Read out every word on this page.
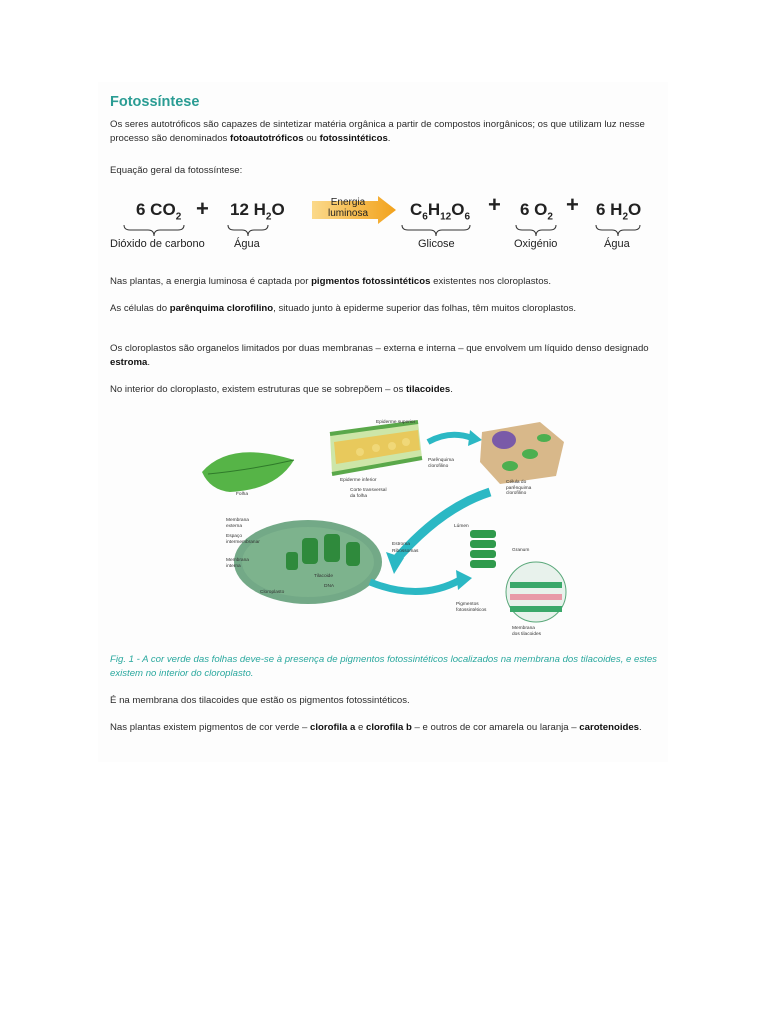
Fotossíntese

Os seres autotróficos são capazes de sintetizar matéria orgânica a partir de compostos inorgânicos; os que utilizam luz nesse processo são denominados fotoautotróficos ou fotossintéticos.

Equação geral da fotossíntese:

6 $CO_2 + 12$ $H_2O$	Energia
luminosa	$C_6H_{12}O_6 + 6$ $O_2 + 6$ $H_2O$
Dióxido de carbono	Água	Glicose	Oxigénio	Água

Nas plantas, a energia luminosa é captada por pigmentos fotossintéticos existentes nos cloroplastos.

As células do parênquima clorofilino, situado junto à epiderme superior das folhas, têm muitos cloroplastos.

Os cloroplastos são organelos limitados por duas membranas – externa e interna – que envolvem um líquido denso designado estroma.

No interior do cloroplasto, existem estruturas que se sobrepõem – os tilacoides.

Epiderme superior
Parênquima
clorofilino
Epiderme inferior
Corte transversal
da folha
Folha
Célula do
parênquima
clorofilino
Membrana
externa
Espaço
intermembranar
Membrana
interna
Estroma
Ribossomas
Tilacoide
DNA
Cloroplasto
Lúmen
Granum
Pigmentos
fotossintéticos
Membrana
dos tilacoides

Fig. 1 - A cor verde das folhas deve-se à presença de pigmentos fotossintéticos localizados na membrana dos tilacoides, e estes existem no interior do cloroplasto.

É na membrana dos tilacoides que estão os pigmentos fotossintéticos.

Nas plantas existem pigmentos de cor verde – clorofila a e clorofila b – e outros de cor amarela ou laranja – carotenoides.
